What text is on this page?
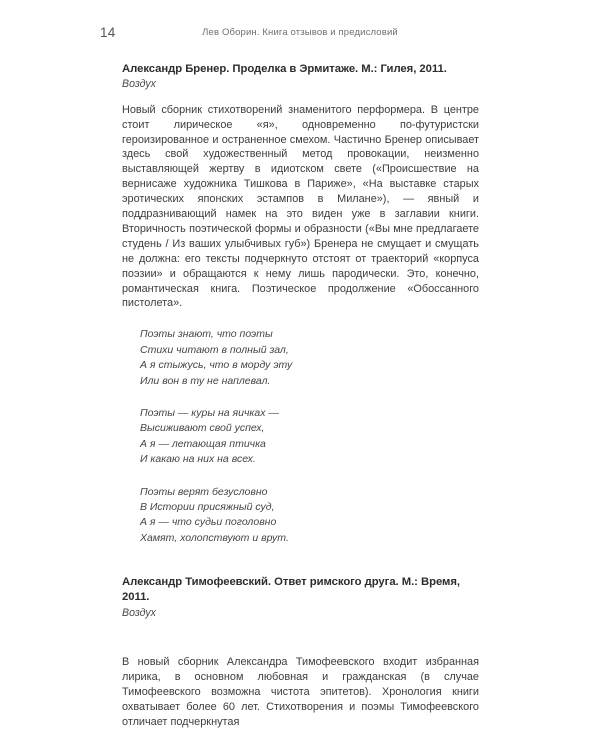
14	Лев Оборин. Книга отзывов и предисловий
Александр Бренер. Проделка в Эрмитаже. М.: Гилея, 2011.
Воздух

Новый сборник стихотворений знаменитого перформера. В центре стоит лирическое «я», одновременно по-футуристски героизированное и остраненное смехом. Частично Бренер описывает здесь свой художественный метод провокации, неизменно выставляющей жертву в идиотском свете («Происшествие на вернисаже художника Тишкова в Париже», «На выставке старых эротических японских эстампов в Милане»), — явный и поддразнивающий намек на это виден уже в заглавии книги. Вторичность поэтической формы и образности («Вы мне предлагаете студень / Из ваших улыбчивых губ») Бренера не смущает и смущать не должна: его тексты подчеркнуто отстоят от траекторий «корпуса поэзии» и обращаются к нему лишь пародически. Это, конечно, романтическая книга. Поэтическое продолжение «Обоссанного пистолета».

Поэты знают, что поэты
Стихи читают в полный зал,
А я стыжусь, что в морду эту
Или вон в ту не наплевал.
Поэты — куры на яичках —
Высиживают свой успех,
А я — летающая птичка
И какаю на них на всех.
Поэты верят безусловно
В Истории присяжный суд,
А я — что судьи поголовно
Хамят, холопствуют и врут.
Александр Тимофеевский. Ответ римского друга. М.: Время, 2011.
Воздух

В новый сборник Александра Тимофеевского входит избранная лирика, в основном любовная и гражданская (в случае Тимофеевского возможна чистота эпитетов). Хронология книги охватывает более 60 лет. Стихотворения и поэмы Тимофеевского отличает подчеркнутая
